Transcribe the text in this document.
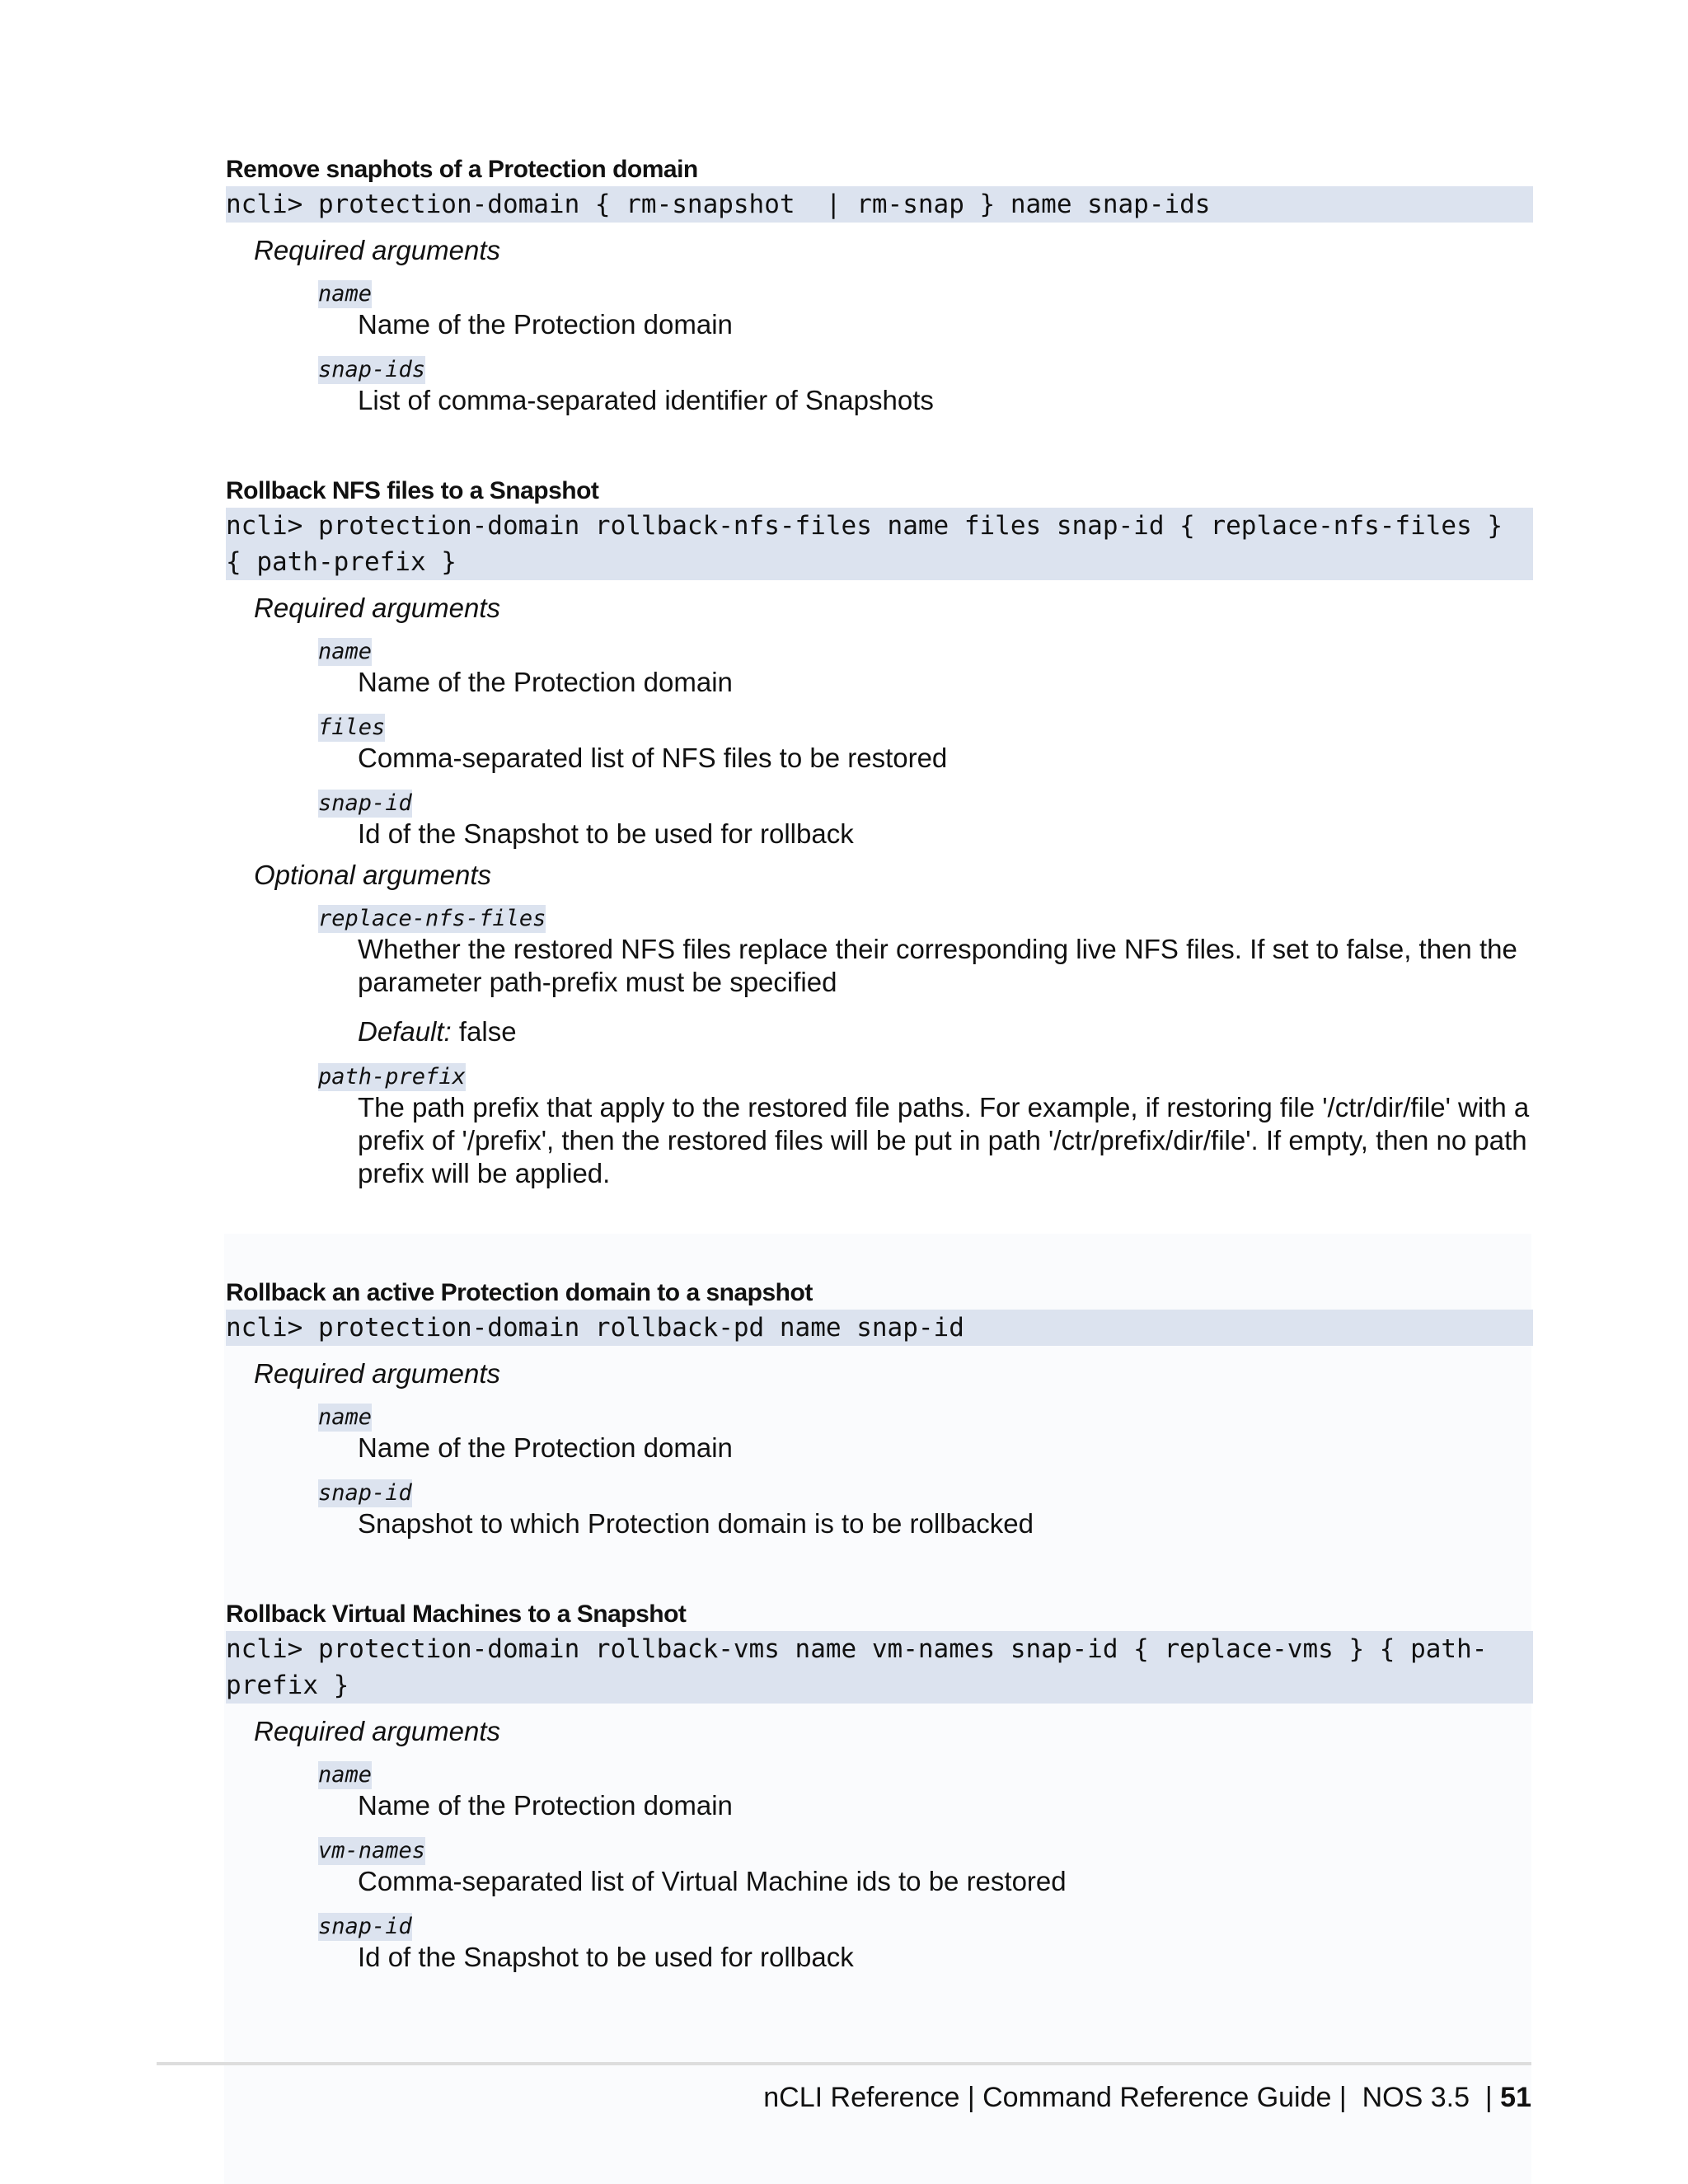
Remove snaphots of a Protection domain
ncli> protection-domain { rm-snapshot  | rm-snap } name snap-ids
Required arguments
name
Name of the Protection domain
snap-ids
List of comma-separated identifier of Snapshots
Rollback NFS files to a Snapshot
ncli> protection-domain rollback-nfs-files name files snap-id { replace-nfs-files } { path-prefix }
Required arguments
name
Name of the Protection domain
files
Comma-separated list of NFS files to be restored
snap-id
Id of the Snapshot to be used for rollback
Optional arguments
replace-nfs-files
Whether the restored NFS files replace their corresponding live NFS files. If set to false, then the parameter path-prefix must be specified
Default: false
path-prefix
The path prefix that apply to the restored file paths. For example, if restoring file '/ctr/dir/file' with a prefix of '/prefix', then the restored files will be put in path '/ctr/prefix/dir/file'. If empty, then no path prefix will be applied.
Rollback an active Protection domain to a snapshot
ncli> protection-domain rollback-pd name snap-id
Required arguments
name
Name of the Protection domain
snap-id
Snapshot to which Protection domain is to be rollbacked
Rollback Virtual Machines to a Snapshot
ncli> protection-domain rollback-vms name vm-names snap-id { replace-vms } { path-prefix }
Required arguments
name
Name of the Protection domain
vm-names
Comma-separated list of Virtual Machine ids to be restored
snap-id
Id of the Snapshot to be used for rollback
nCLI Reference | Command Reference Guide |  NOS 3.5  | 51
